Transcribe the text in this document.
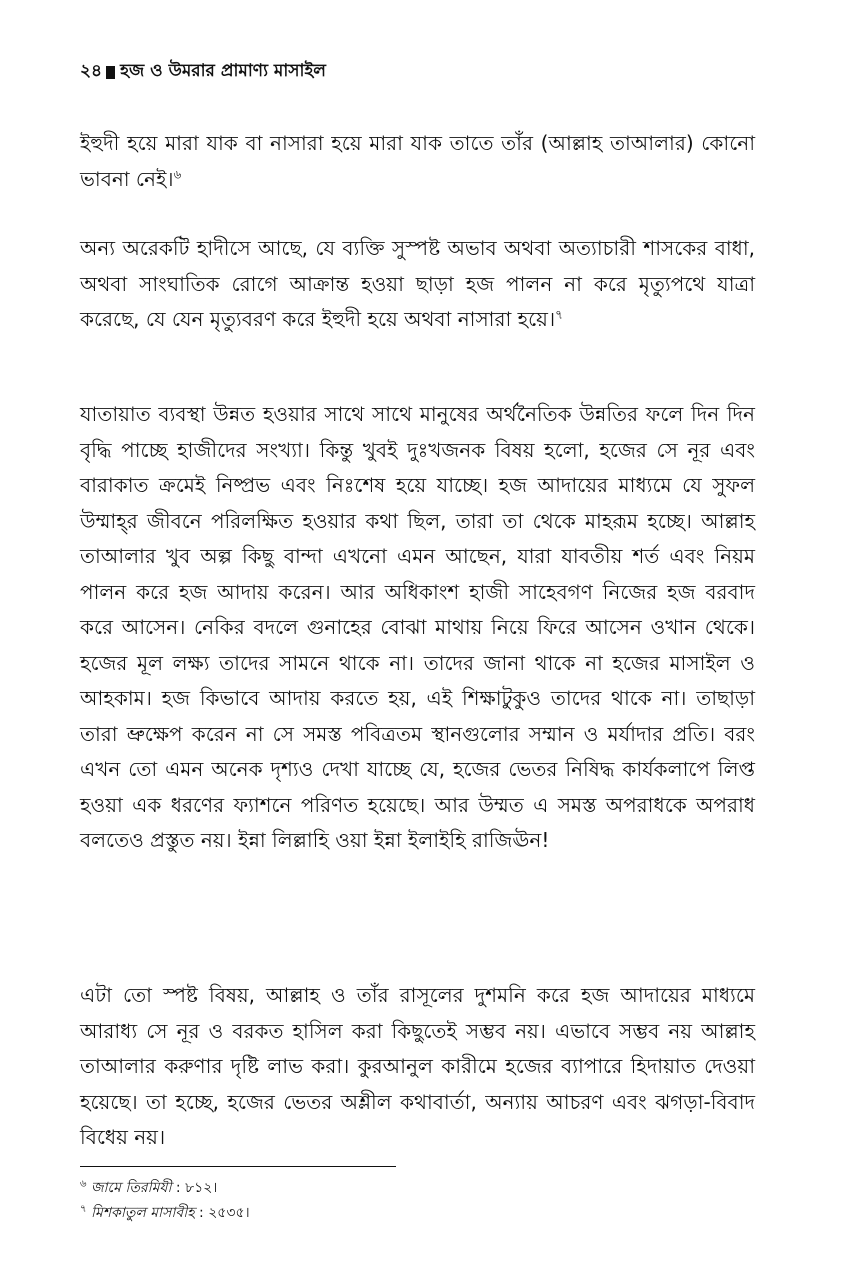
২৪ হজ ও উমরার প্রামাণ্য মাসাইল

ইহুদী হয়ে মারা যাক বা নাসারা হয়ে মারা যাক তাতে তাঁর (আল্লাহ তাআলার) কোনো ভাবনা নেই।$^৬$

অন্য অরেকটি হাদীসে আছে, যে ব্যক্তি সুস্পষ্ট অভাব অথবা অত্যাচারী শাসকের বাধা, অথবা সাংঘাতিক রোগে আক্রান্ত হওয়া ছাড়া হজ পালন না করে মৃত্যুপথে যাত্রা করেছে, যে যেন মৃত্যুবরণ করে ইহুদী হয়ে অথবা নাসারা হয়ে।$^৭$

যাতায়াত ব্যবস্থা উন্নত হওয়ার সাথে সাথে মানুষের অর্থনৈতিক উন্নতির ফলে দিন দিন বৃদ্ধি পাচ্ছে হাজীদের সংখ্যা। কিন্তু খুবই দুঃখজনক বিষয় হলো, হজের সে নূর এবং বারাকাত ক্রমেই নিষ্প্রভ এবং নিঃশেষ হয়ে যাচ্ছে। হজ আদায়ের মাধ্যমে যে সুফল উম্মাহ্‌র জীবনে পরিলক্ষিত হওয়ার কথা ছিল, তারা তা থেকে মাহরূম হচ্ছে। আল্লাহ তাআলার খুব অল্প কিছু বান্দা এখনো এমন আছেন, যারা যাবতীয় শর্ত এবং নিয়ম পালন করে হজ আদায় করেন। আর অধিকাংশ হাজী সাহেবগণ নিজের হজ বরবাদ করে আসেন। নেকির বদলে গুনাহের বোঝা মাথায় নিয়ে ফিরে আসেন ওখান থেকে। হজের মূল লক্ষ্য তাদের সামনে থাকে না। তাদের জানা থাকে না হজের মাসাইল ও আহকাম। হজ কিভাবে আদায় করতে হয়, এই শিক্ষাটুকুও তাদের থাকে না। তাছাড়া তারা ভ্রুক্ষেপ করেন না সে সমস্ত পবিত্রতম স্থানগুলোর সম্মান ও মর্যাদার প্রতি। বরং এখন তো এমন অনেক দৃশ্যও দেখা যাচ্ছে যে, হজের ভেতর নিষিদ্ধ কার্যকলাপে লিপ্ত হওয়া এক ধরণের ফ্যাশনে পরিণত হয়েছে। আর উম্মত এ সমস্ত অপরাধকে অপরাধ বলতেও প্রস্তুত নয়। ইন্না লিল্লাহি ওয়া ইন্না ইলাইহি রাজিঊন!

এটা তো স্পষ্ট বিষয়, আল্লাহ ও তাঁর রাসূলের দুশমনি করে হজ আদায়ের মাধ্যমে আরাধ্য সে নূর ও বরকত হাসিল করা কিছুতেই সম্ভব নয়। এভাবে সম্ভব নয় আল্লাহ তাআলার করুণার দৃষ্টি লাভ করা। কুরআনুল কারীমে হজের ব্যাপারে হিদায়াত দেওয়া হয়েছে। তা হচ্ছে, হজের ভেতর অশ্লীল কথাবার্তা, অন্যায় আচরণ এবং ঝগড়া-বিবাদ বিধেয় নয়।

$^৬$ জামে তিরমিযী : ৮১২।
$^৭$ মিশকাতুল মাসাবীহ : ২৫৩৫।
